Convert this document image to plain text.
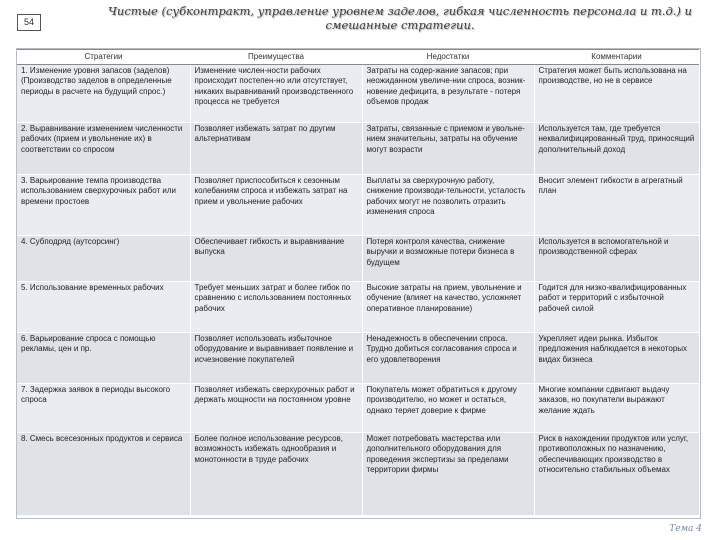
54
Чистые (субконтракт, управление уровнем заделов, гибкая численность персонала и т.д.) и смешанные стратегии.
Стратегии	Преимущества	Недостатки	Комментарии
1. Изменение уровня запасов (заделов) (Производство заделов в определенные периоды в расчете на будущий спрос.)	Изменение числен-ности рабочих происходит постепен-но или отсутствует, никаких выравниваний производственного процесса не требуется	Затраты на содер-жание запасов; при неожиданном увеличе-нии спроса, возник-новение дефицита, в результате - потеря объемов продаж	Стратегия может быть использована на производстве, но не в сервисе
2. Выравнивание изменением численности рабочих (прием и увольнение их) в соответствии со спросом	Позволяет избежать затрат по другим альтернативам	Затраты, связанные с приемом и увольне-нием значительны, затраты на обучение могут возрасти	Используется там, где требуется неквалифицированный труд, приносящий дополнительный доход
3. Варьирование темпа производства использованием сверхурочных работ или времени простоев	Позволяет приспособиться к сезонным колебаниям спроса и избежать затрат на прием и увольнение рабочих	Выплаты за сверхурочную работу, снижение производи-тельности, усталость рабочих могут не позволить отразить изменения спроса	Вносит элемент гибкости в агрегатный план
4. Субподряд (аутсорсинг)	Обеспечивает гибкость и выравнивание выпуска	Потеря контроля качества, снижение выручки и возможные потери бизнеса в будущем	Используется в вспомогательной и производственной сферах
5. Использование временных рабочих	Требует меньших затрат и более гибок по сравнению с использованием постоянных рабочих	Высокие затраты на прием, увольнение и обучение (влияет на качество, усложняет оперативное планирование)	Годится для низко-квалифицированных работ и территорий с избыточной рабочей силой
6. Варьирование спроса с помощью рекламы, цен и пр.	Позволяет использовать избыточное оборудование и выравнивает появление и исчезновение покупателей	Ненадежность в обеспечении спроса. Трудно добиться согласования спроса и его удовлетворения	Укрепляет идеи рынка. Избыток предложения наблюдается в некоторых видах бизнеса
7. Задержка заявок в периоды высокого спроса	Позволяет избежать сверхурочных работ и держать мощности на постоянном уровне	Покупатель может обратиться к другому производителю, но может и остаться, однако теряет доверие к фирме	Многие компании сдвигают выдачу заказов, но покупатели выражают желание ждать
8. Смесь всесезонных продуктов и сервиса	Более полное использование ресурсов, возможность избежать однообразия и монотонности в труде рабочих	Может потребовать мастерства или дополнительного оборудования для проведения экспертизы за пределами территории фирмы	Риск в нахождении продуктов или услуг, противоположных по назначению, обеспечивающих производство в относительно стабильных объемах
Тема 4
